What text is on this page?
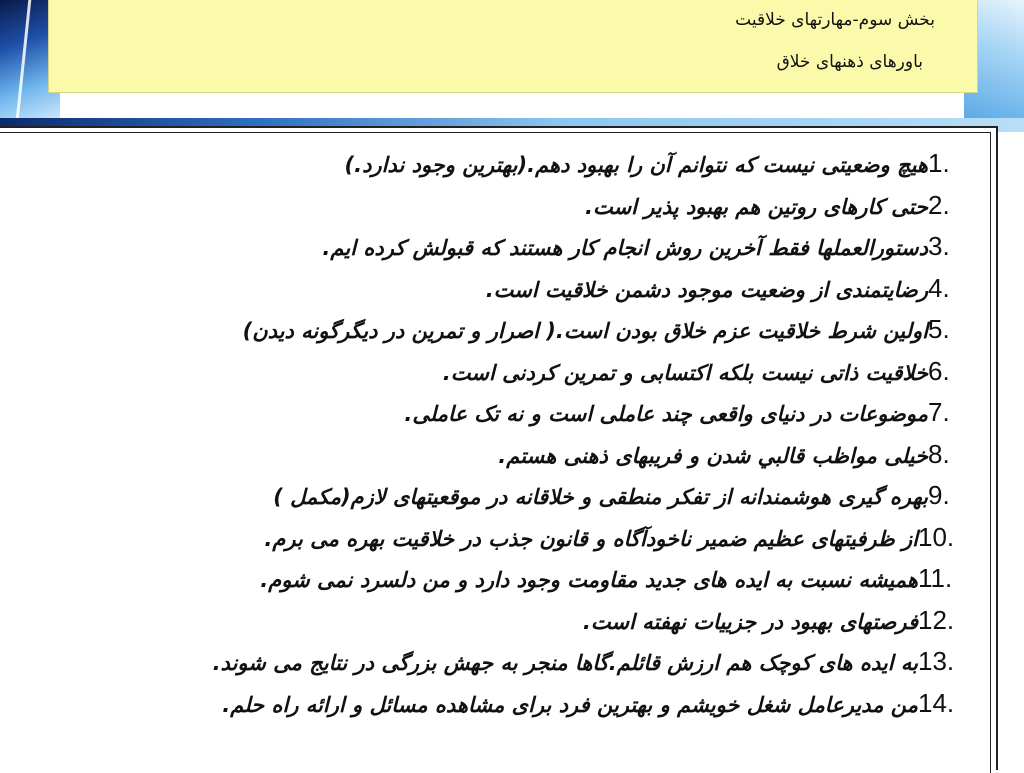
بخش سوم-مهارتهای خلاقیت
باورهای ذهنهای خلاق
1.هیچ وضعیتی نیست که نتوانم آن را بهبود دهم.(بهترین وجود ندارد.)
2.حتی کارهای روتین هم بهبود پذیر است.
3.دستورالعملها فقط آخرین روش انجام کار هستند که قبولش کرده ایم.
4.رضایتمندی از وضعیت موجود دشمن خلاقیت است.
5.اولین شرط خلاقیت عزم خلاق بودن است.( اصرار و تمرین در دیگرگونه دیدن)
6.خلاقیت ذاتی نیست بلکه اکتسابی و تمرین کردنی است.
7.موضوعات در دنیای واقعی چند عاملی است و نه تک عاملی.
8.خیلی مواظب قالبي شدن و فریبهای ذهنی هستم.
9.بهره گیری هوشمندانه از تفکر منطقی و خلاقانه در موقعیتهای لازم(مکمل )
10.از ظرفیتهای عظیم ضمیر ناخودآگاه و قانون جذب در خلاقیت بهره می برم.
11.همیشه نسبت به ایده های جدید مقاومت وجود دارد و من دلسرد نمی شوم.
12.فرصتهای بهبود در جزییات نهفته است.
13.به ایده های کوچک هم ارزش قائلم.گاها منجر به جهش بزرگی در نتایج می شوند.
14.من مدیرعامل شغل خویشم و بهترین فرد برای مشاهده مسائل و ارائه راه حلم.
